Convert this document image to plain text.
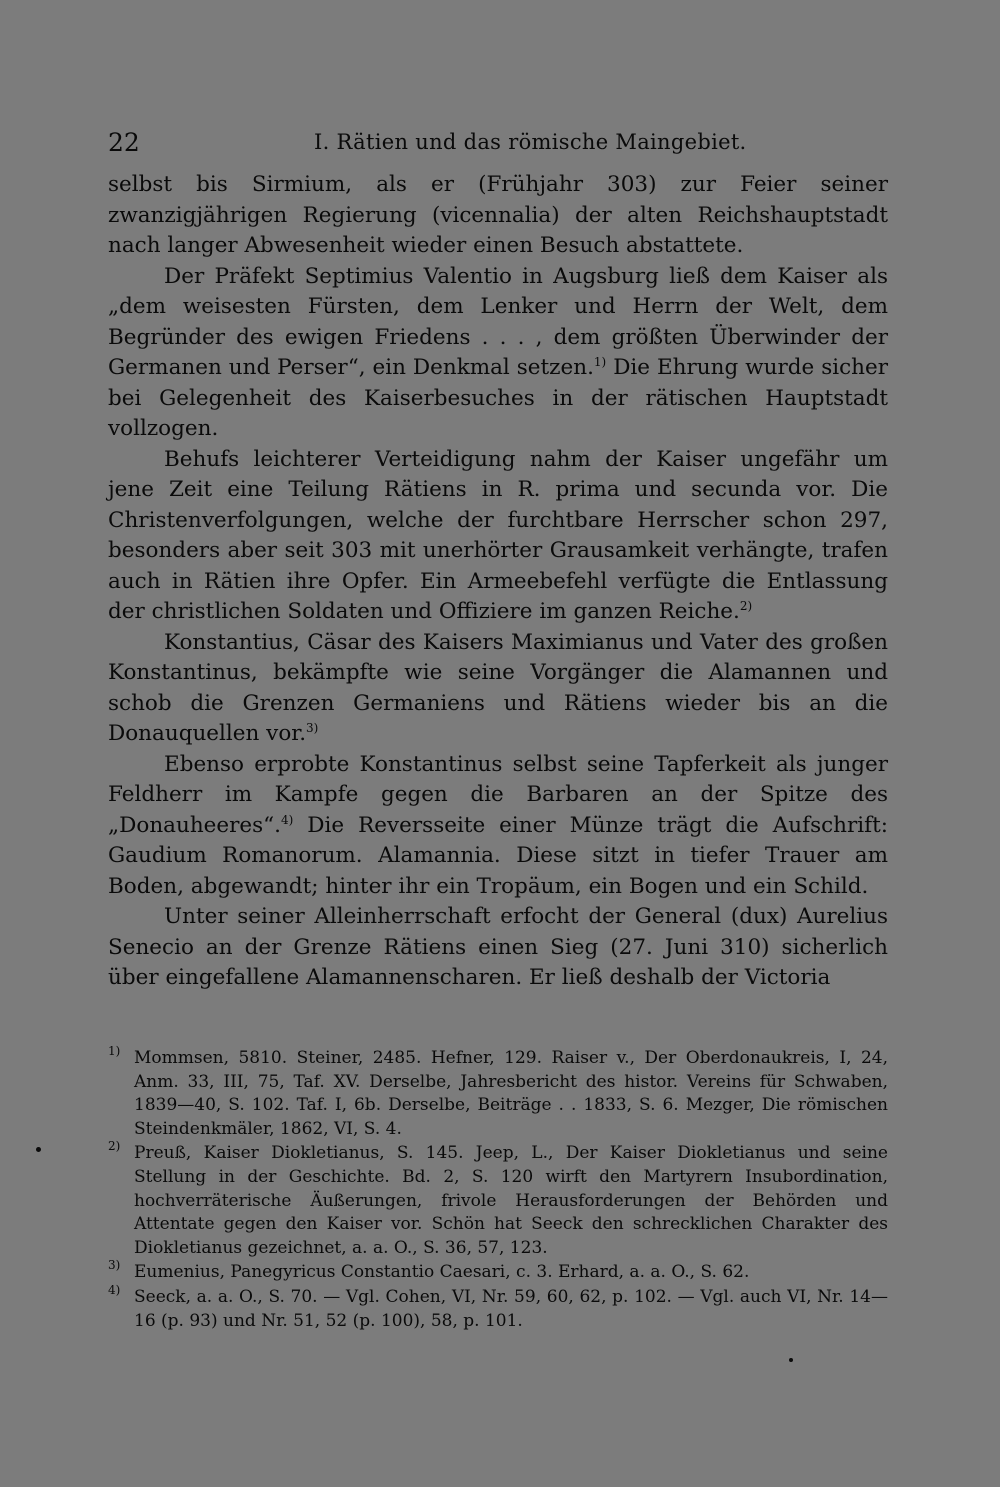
22	I. Rätien und das römische Maingebiet.

selbst bis Sirmium, als er (Frühjahr 303) zur Feier seiner zwanzigjährigen Regierung (vicennalia) der alten Reichshauptstadt nach langer Abwesenheit wieder einen Besuch abstattete.

Der Präfekt Septimius Valentio in Augsburg ließ dem Kaiser als „dem weisesten Fürsten, dem Lenker und Herrn der Welt, dem Begründer des ewigen Friedens . . . , dem größten Überwinder der Germanen und Perser“, ein Denkmal setzen.$^{1)}$ Die Ehrung wurde sicher bei Gelegenheit des Kaiserbesuches in der rätischen Hauptstadt vollzogen.

Behufs leichterer Verteidigung nahm der Kaiser ungefähr um jene Zeit eine Teilung Rätiens in R. prima und secunda vor. Die Christenverfolgungen, welche der furchtbare Herrscher schon 297, besonders aber seit 303 mit unerhörter Grausamkeit verhängte, trafen auch in Rätien ihre Opfer. Ein Armeebefehl verfügte die Entlassung der christlichen Soldaten und Offiziere im ganzen Reiche.$^{2)}$

Konstantius, Cäsar des Kaisers Maximianus und Vater des großen Konstantinus, bekämpfte wie seine Vorgänger die Alamannen und schob die Grenzen Germaniens und Rätiens wieder bis an die Donauquellen vor.$^{3)}$

Ebenso erprobte Konstantinus selbst seine Tapferkeit als junger Feldherr im Kampfe gegen die Barbaren an der Spitze des „Donauheeres“.$^{4)}$ Die Reversseite einer Münze trägt die Aufschrift: Gaudium Romanorum. Alamannia. Diese sitzt in tiefer Trauer am Boden, abgewandt; hinter ihr ein Tropäum, ein Bogen und ein Schild.

Unter seiner Alleinherrschaft erfocht der General (dux) Aurelius Senecio an der Grenze Rätiens einen Sieg (27. Juni 310) sicherlich über eingefallene Alamannenscharen. Er ließ deshalb der Victoria

1) Mommsen, 5810. Steiner, 2485. Hefner, 129. Raiser v., Der Oberdonaukreis, I, 24, Anm. 33, III, 75, Taf. XV. Derselbe, Jahresbericht des histor. Vereins für Schwaben, 1839—40, S. 102. Taf. I, 6b. Derselbe, Beiträge . . 1833, S. 6. Mezger, Die römischen Steindenkmäler, 1862, VI, S. 4.
2) Preuß, Kaiser Diokletianus, S. 145. Jeep, L., Der Kaiser Diokletianus und seine Stellung in der Geschichte. Bd. 2, S. 120 wirft den Martyrern Insubordination, hochverräterische Äußerungen, frivole Herausforderungen der Behörden und Attentate gegen den Kaiser vor. Schön hat Seeck den schrecklichen Charakter des Diokletianus gezeichnet, a. a. O., S. 36, 57, 123.
3) Eumenius, Panegyricus Constantio Caesari, c. 3. Erhard, a. a. O., S. 62.
4) Seeck, a. a. O., S. 70. — Vgl. Cohen, VI, Nr. 59, 60, 62, p. 102. — Vgl. auch VI, Nr. 14—16 (p. 93) und Nr. 51, 52 (p. 100), 58, p. 101.
